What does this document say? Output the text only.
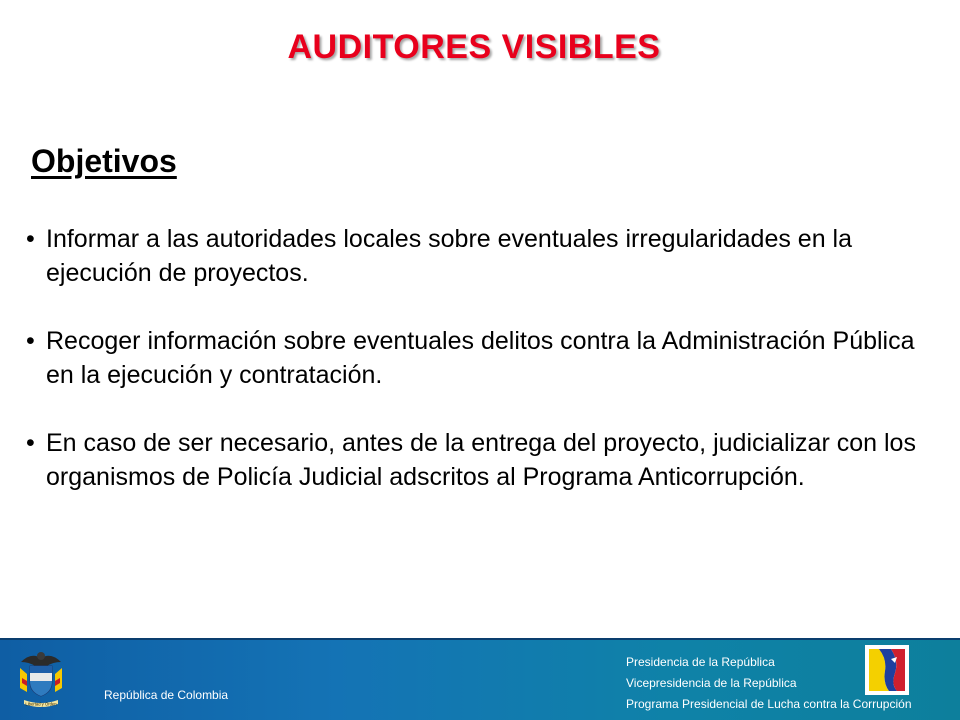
AUDITORES VISIBLES
Objetivos
• Informar a las autoridades locales sobre eventuales irregularidades en la ejecución de proyectos.
• Recoger información sobre eventuales delitos contra la Administración Pública en la ejecución y contratación.
• En caso de ser necesario, antes de la entrega del proyecto, judicializar con los organismos de Policía Judicial adscritos al Programa Anticorrupción.
Libertad y Orden
República de Colombia
Presidencia de la República
Vicepresidencia de la República
Programa Presidencial de Lucha contra la Corrupción
